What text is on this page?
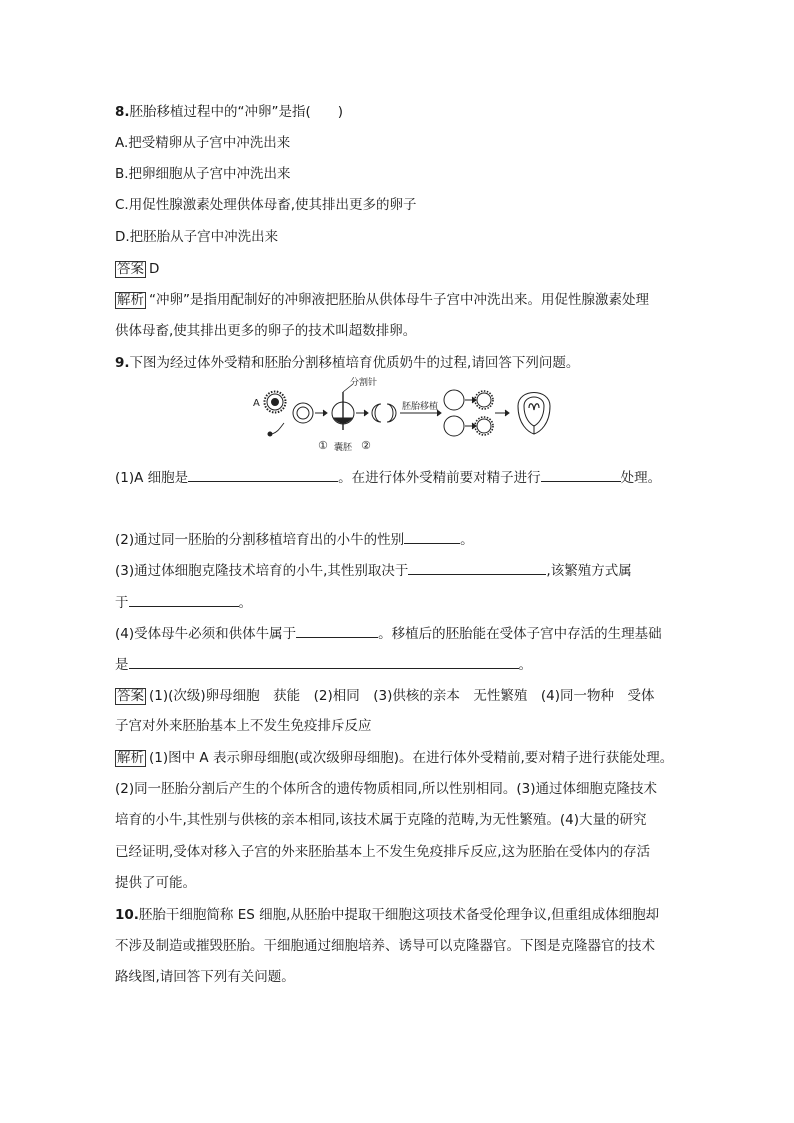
8.胚胎移植过程中的“冲卵”是指(　　)
A.把受精卵从子宫中冲洗出来
B.把卵细胞从子宫中冲洗出来
C.用促性腺激素处理供体母畜,使其排出更多的卵子
D.把胚胎从子宫中冲洗出来
答案 D
解析 “冲卵”是指用配制好的冲卵液把胚胎从供体母牛子宫中冲洗出来。用促性腺激素处理
供体母畜,使其排出更多的卵子的技术叫超数排卵。
9.下图为经过体外受精和胚胎分割移植培育优质奶牛的过程,请回答下列问题。
A
分割针
① 囊胚 ②
胚胎移植
(1)A 细胞是	。在进行体外受精前要对精子进行	处理。
(2)通过同一胚胎的分割移植培育出的小牛的性别	。
(3)通过体细胞克隆技术培育的小牛,其性别取决于	,该繁殖方式属
于	。
(4)受体母牛必须和供体牛属于	。移植后的胚胎能在受体子宫中存活的生理基础
是	。
答案 (1)(次级)卵母细胞　获能　(2)相同　(3)供核的亲本　无性繁殖　(4)同一物种　受体
子宫对外来胚胎基本上不发生免疫排斥反应
解析 (1)图中 A 表示卵母细胞(或次级卵母细胞)。在进行体外受精前,要对精子进行获能处理。
(2)同一胚胎分割后产生的个体所含的遗传物质相同,所以性别相同。(3)通过体细胞克隆技术
培育的小牛,其性别与供核的亲本相同,该技术属于克隆的范畴,为无性繁殖。(4)大量的研究
已经证明,受体对移入子宫的外来胚胎基本上不发生免疫排斥反应,这为胚胎在受体内的存活
提供了可能。
10.胚胎干细胞简称 ES 细胞,从胚胎中提取干细胞这项技术备受伦理争议,但重组成体细胞却
不涉及制造或摧毁胚胎。干细胞通过细胞培养、诱导可以克隆器官。下图是克隆器官的技术
路线图,请回答下列有关问题。
